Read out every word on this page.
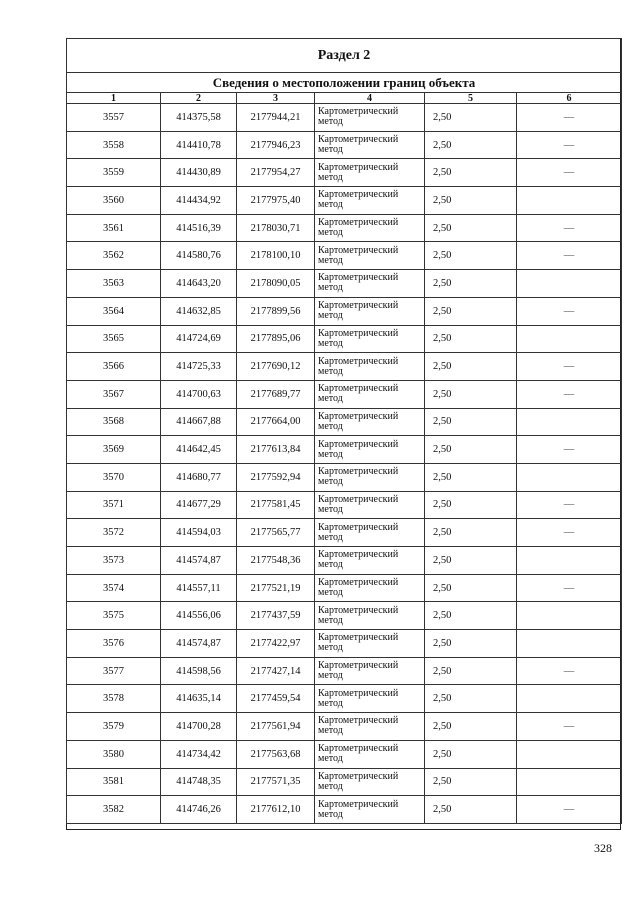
Раздел 2					
Сведения о местоположении границ объекта					
1	2	3	4	5	6
3557	414375,58	2177944,21	Картометрический метод	2,50	—
3558	414410,78	2177946,23	Картометрический метод	2,50	—
3559	414430,89	2177954,27	Картометрический метод	2,50	—
3560	414434,92	2177975,40	Картометрический метод	2,50	
3561	414516,39	2178030,71	Картометрический метод	2,50	—
3562	414580,76	2178100,10	Картометрический метод	2,50	—
3563	414643,20	2178090,05	Картометрический метод	2,50	
3564	414632,85	2177899,56	Картометрический метод	2,50	—
3565	414724,69	2177895,06	Картометрический метод	2,50	
3566	414725,33	2177690,12	Картометрический метод	2,50	—
3567	414700,63	2177689,77	Картометрический метод	2,50	—
3568	414667,88	2177664,00	Картометрический метод	2,50	
3569	414642,45	2177613,84	Картометрический метод	2,50	—
3570	414680,77	2177592,94	Картометрический метод	2,50	
3571	414677,29	2177581,45	Картометрический метод	2,50	—
3572	414594,03	2177565,77	Картометрический метод	2,50	—
3573	414574,87	2177548,36	Картометрический метод	2,50	
3574	414557,11	2177521,19	Картометрический метод	2,50	—
3575	414556,06	2177437,59	Картометрический метод	2,50	
3576	414574,87	2177422,97	Картометрический метод	2,50	
3577	414598,56	2177427,14	Картометрический метод	2,50	—
3578	414635,14	2177459,54	Картометрический метод	2,50	
3579	414700,28	2177561,94	Картометрический метод	2,50	—
3580	414734,42	2177563,68	Картометрический метод	2,50	
3581	414748,35	2177571,35	Картометрический метод	2,50	
3582	414746,26	2177612,10	Картометрический метод	2,50	—
328
